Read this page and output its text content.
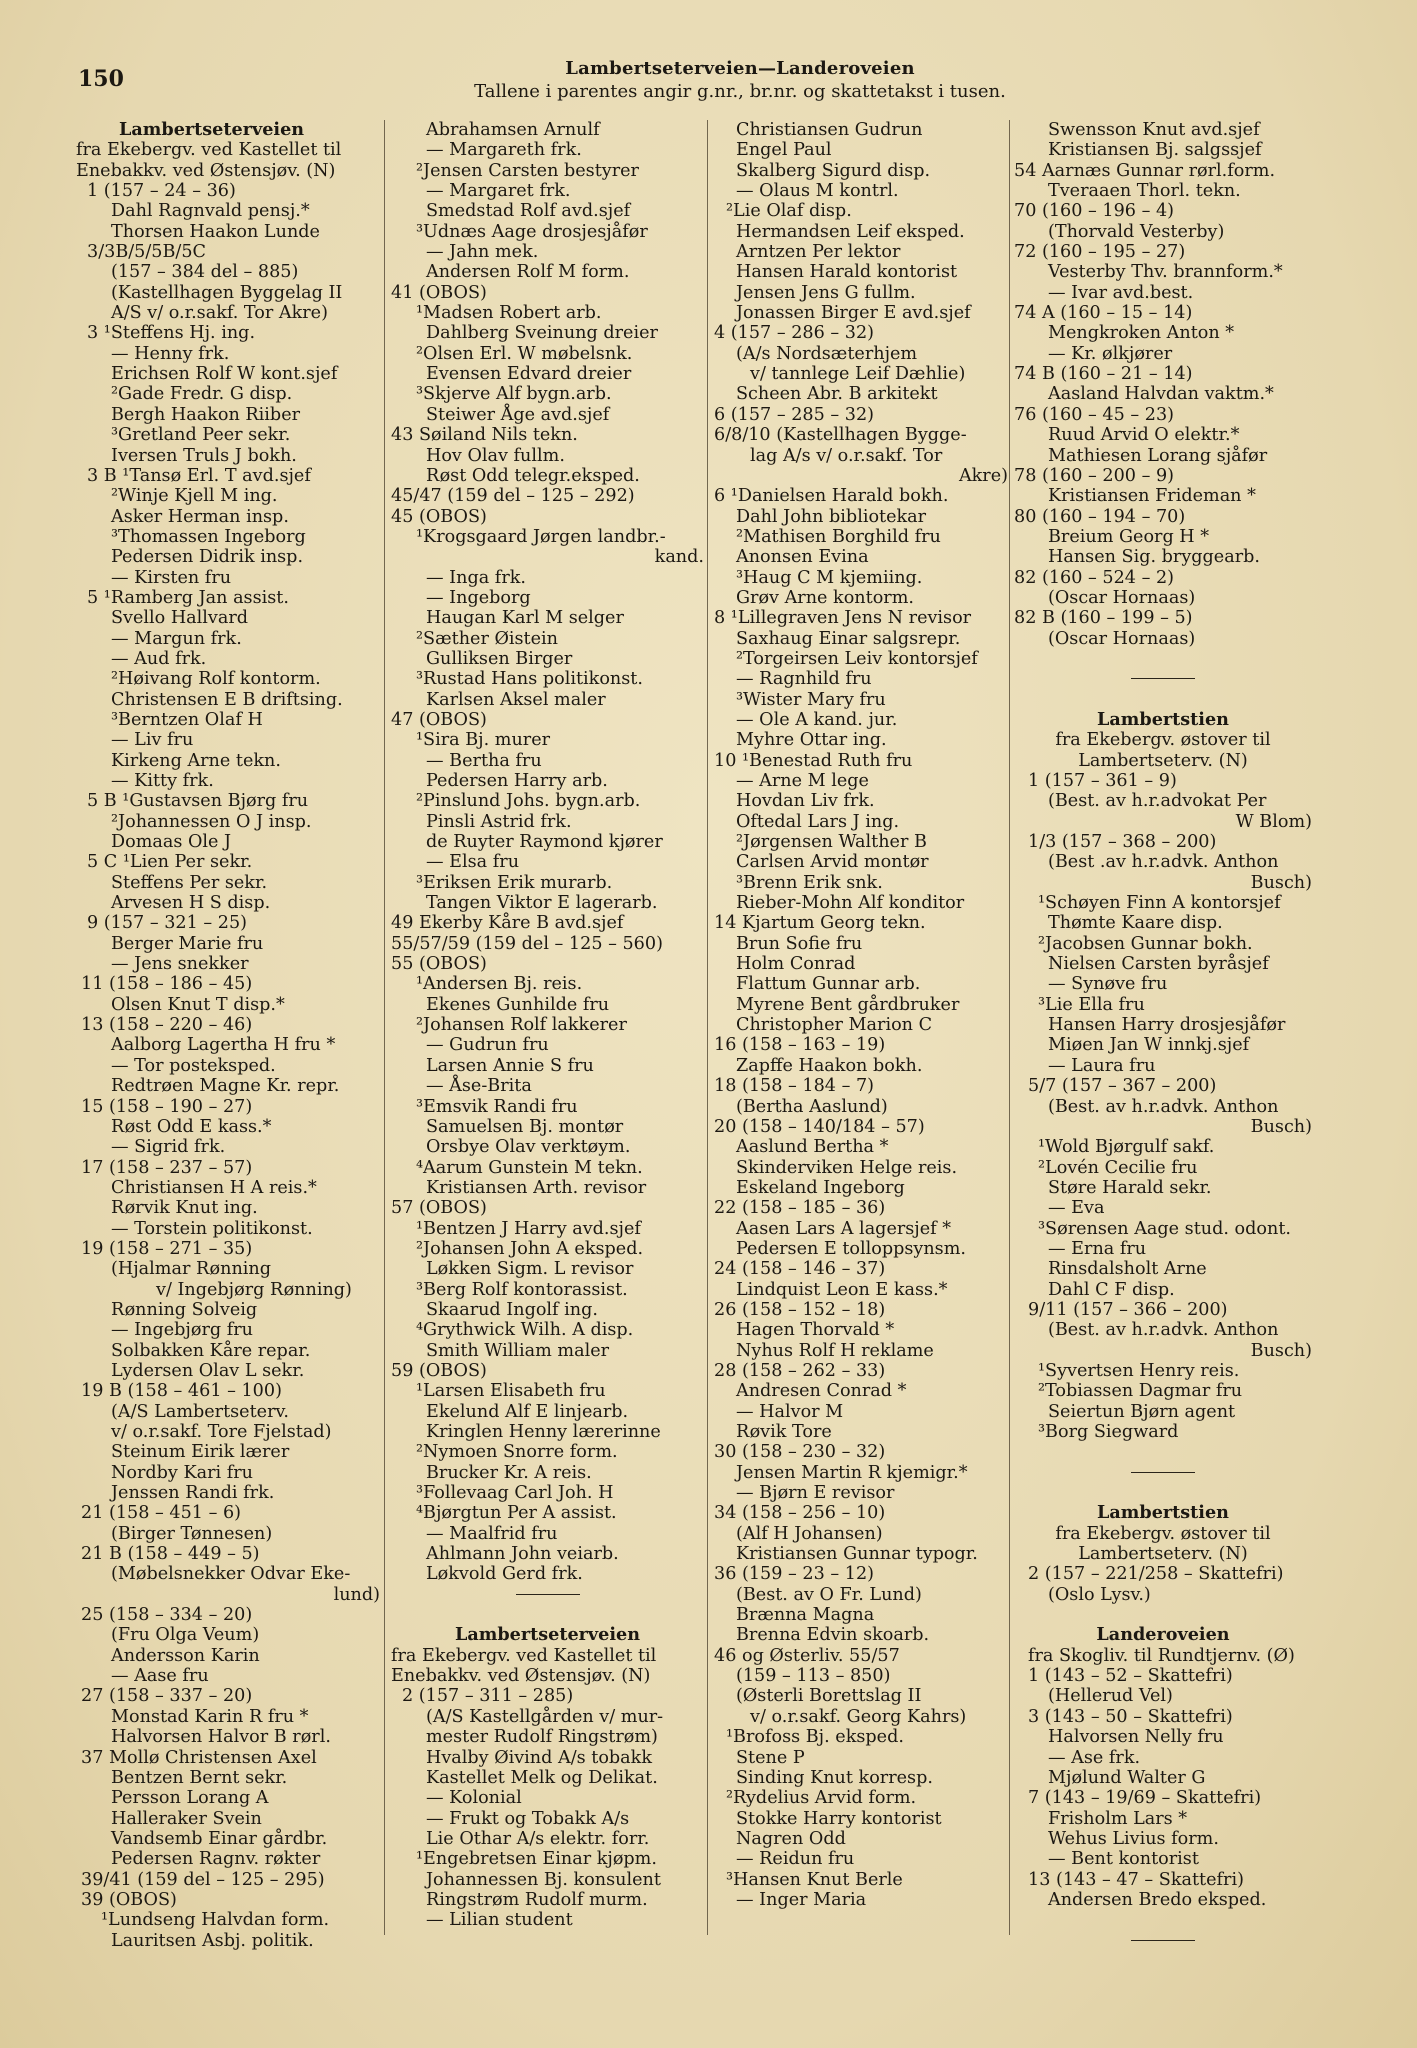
150	Lambertseterveien—Landeroveien
Tallene i parentes angir g.nr., br.nr. og skattetakst i tusen.
Lambertseterveien
fra Ekebergv. ved Kastellet til
Enebakkv. ved Østensjøv. (N)
1 (157 – 24 – 36)
Dahl Ragnvald pensj.*
Thorsen Haakon Lunde
3/3B/5/5B/5C
(157 – 384 del – 885)
(Kastellhagen Byggelag II
A/S v/ o.r.sakf. Tor Akre)
3 ¹Steffens Hj. ing.
— Henny frk.
Erichsen Rolf W kont.sjef
²Gade Fredr. G disp.
Bergh Haakon Riiber
³Gretland Peer sekr.
Iversen Truls J bokh.
3 B ¹Tansø Erl. T avd.sjef
²Winje Kjell M ing.
Asker Herman insp.
³Thomassen Ingeborg
Pedersen Didrik insp.
— Kirsten fru
5 ¹Ramberg Jan assist.
Svello Hallvard
— Margun frk.
— Aud frk.
²Høivang Rolf kontorm.
Christensen E B driftsing.
³Berntzen Olaf H
— Liv fru
Kirkeng Arne tekn.
— Kitty frk.
5 B ¹Gustavsen Bjørg fru
²Johannessen O J insp.
Domaas Ole J
5 C ¹Lien Per sekr.
Steffens Per sekr.
Arvesen H S disp.
9 (157 – 321 – 25)
Berger Marie fru
— Jens snekker
11 (158 – 186 – 45)
Olsen Knut T disp.*
13 (158 – 220 – 46)
Aalborg Lagertha H fru *
— Tor postekspеd.
Redtrøen Magne Kr. repr.
15 (158 – 190 – 27)
Røst Odd E kass.*
— Sigrid frk.
17 (158 – 237 – 57)
Christiansen H A reis.*
Rørvik Knut ing.
— Torstein politikonst.
19 (158 – 271 – 35)
(Hjalmar Rønning
v/ Ingebjørg Rønning)
Rønning Solveig
— Ingebjørg fru
Solbakken Kåre repar.
Lydersen Olav L sekr.
19 B (158 – 461 – 100)
(A/S Lambertseterv.
v/ o.r.sakf. Tore Fjelstad)
Steinum Eirik lærer
Nordby Kari fru
Jenssen Randi frk.
21 (158 – 451 – 6)
(Birger Tønnesen)
21 B (158 – 449 – 5)
(Møbelsnekker Odvar Eke-
lund)
25 (158 – 334 – 20)
(Fru Olga Veum)
Andersson Karin
— Aase fru
27 (158 – 337 – 20)
Monstad Karin R fru *
Halvorsen Halvor B rørl.
37 Mollø Christensen Axel
Bentzen Bernt sekr.
Persson Lorang A
Halleraker Svein
Vandsemb Einar gårdbr.
Pedersen Ragnv. røkter
39/41 (159 del – 125 – 295)
39 (OBOS)
¹Lundseng Halvdan form.
Lauritsen Asbj. politik.
Abrahamsen Arnulf
— Margareth frk.
²Jensen Carsten bestyrer
— Margaret frk.
Smedstad Rolf avd.sjef
³Udnæs Aage drosjesjåfør
— Jahn mek.
Andersen Rolf M form.
41 (OBOS)
¹Madsen Robert arb.
Dahlberg Sveinung dreier
²Olsen Erl. W møbelsnk.
Evensen Edvard dreier
³Skjerve Alf bygn.arb.
Steiwer Åge avd.sjef
43 Søiland Nils tekn.
Hov Olav fullm.
Røst Odd telegr.ekspеd.
45/47 (159 del – 125 – 292)
45 (OBOS)
¹Krogsgaard Jørgen landbr.-
kand.
— Inga frk.
— Ingeborg
Haugan Karl M selger
²Sæther Øistein
Gulliksen Birger
³Rustad Hans politikonst.
Karlsen Aksel maler
47 (OBOS)
¹Sira Bj. murer
— Bertha fru
Pedersen Harry arb.
²Pinslund Johs. bygn.arb.
Pinsli Astrid frk.
de Ruyter Raymond kjører
— Elsa fru
³Eriksen Erik murarb.
Tangen Viktor E lagerarb.
49 Ekerby Kåre B avd.sjef
55/57/59 (159 del – 125 – 560)
55 (OBOS)
¹Andersen Bj. reis.
Ekenes Gunhilde fru
²Johansen Rolf lakkerer
— Gudrun fru
Larsen Annie S fru
— Åse-Brita
³Emsvik Randi fru
Samuelsen Bj. montør
Orsbye Olav verktøym.
⁴Aarum Gunstein M tekn.
Kristiansen Arth. revisor
57 (OBOS)
¹Bentzen J Harry avd.sjef
²Johansen John A ekspеd.
Løkken Sigm. L revisor
³Berg Rolf kontorassist.
Skaarud Ingolf ing.
⁴Grythwick Wilh. A disp.
Smith William maler
59 (OBOS)
¹Larsen Elisabeth fru
Ekelund Alf E linjearb.
Kringlen Henny lærerinne
²Nymoen Snorre form.
Brucker Kr. A reis.
³Follevaag Carl Joh. H
⁴Bjørgtun Per A assist.
— Maalfrid fru
Ahlmann John veiarb.
Løkvold Gerd frk.
Lambertseterveien
fra Ekebergv. ved Kastellet til
Enebakkv. ved Østensjøv. (N)
2 (157 – 311 – 285)
(A/S Kastellgården v/ mur-
mester Rudolf Ringstrøm)
Hvalby Øivind A/s tobakk
Kastellet Melk og Delikat.
— Kolonial
— Frukt og Tobakk A/s
Lie Othar A/s elektr. forr.
¹Engebretsen Einar kjøpm.
Johannessen Bj. konsulent
Ringstrøm Rudolf murm.
— Lilian student
Christiansen Gudrun
Engel Paul
Skalberg Sigurd disp.
— Olaus M kontrl.
²Lie Olaf disp.
Hermandsen Leif ekspеd.
Arntzen Per lektor
Hansen Harald kontorist
Jensen Jens G fullm.
Jonassen Birger E avd.sjef
4 (157 – 286 – 32)
(A/s Nordsæterhjem
v/ tannlege Leif Dæhlie)
Scheen Abr. B arkitekt
6 (157 – 285 – 32)
6/8/10 (Kastellhagen Bygge-
lag A/s v/ o.r.sakf. Tor
Akre)
6 ¹Danielsen Harald bokh.
Dahl John bibliotekar
²Mathisen Borghild fru
Anonsen Evina
³Haug C M kjemiing.
Grøv Arne kontorm.
8 ¹Lillegraven Jens N revisor
Saxhaug Einar salgsrepr.
²Torgeirsen Leiv kontorsjef
— Ragnhild fru
³Wister Mary fru
— Ole A kand. jur.
Myhre Ottar ing.
10 ¹Benestad Ruth fru
— Arne M lege
Hovdan Liv frk.
Oftedal Lars J ing.
²Jørgensen Walther B
Carlsen Arvid montør
³Brenn Erik snk.
Rieber-Mohn Alf konditor
14 Kjartum Georg tekn.
Brun Sofie fru
Holm Conrad
Flattum Gunnar arb.
Myrene Bent gårdbruker
Christopher Marion C
16 (158 – 163 – 19)
Zapffe Haakon bokh.
18 (158 – 184 – 7)
(Bertha Aaslund)
20 (158 – 140/184 – 57)
Aaslund Bertha *
Skinderviken Helge reis.
Eskeland Ingeborg
22 (158 – 185 – 36)
Aasen Lars A lagersjef *
Pedersen E tolloppsynsm.
24 (158 – 146 – 37)
Lindquist Leon E kass.*
26 (158 – 152 – 18)
Hagen Thorvald *
Nyhus Rolf H reklame
28 (158 – 262 – 33)
Andresen Conrad *
— Halvor M
Røvik Tore
30 (158 – 230 – 32)
Jensen Martin R kjemigr.*
— Bjørn E revisor
34 (158 – 256 – 10)
(Alf H Johansen)
Kristiansen Gunnar typogr.
36 (159 – 23 – 12)
(Best. av O Fr. Lund)
Brænna Magna
Brenna Edvin skoarb.
46 og Østerliv. 55/57
(159 – 113 – 850)
(Østerli Borettslag II
v/ o.r.sakf. Georg Kahrs)
¹Brofoss Bj. ekspеd.
Stene P
Sinding Knut korresp.
²Rydelius Arvid form.
Stokke Harry kontorist
Nagren Odd
— Reidun fru
³Hansen Knut Berle
— Inger Maria
Swensson Knut avd.sjef
Kristiansen Bj. salgssjef
54 Aarnæs Gunnar rørl.form.
Tveraaen Thorl. tekn.
70 (160 – 196 – 4)
(Thorvald Vesterby)
72 (160 – 195 – 27)
Vesterby Thv. brannform.*
— Ivar avd.best.
74 A (160 – 15 – 14)
Mengkroken Anton *
— Kr. ølkjører
74 B (160 – 21 – 14)
Aasland Halvdan vaktm.*
76 (160 – 45 – 23)
Ruud Arvid O elektr.*
Mathiesen Lorang sjåfør
78 (160 – 200 – 9)
Kristiansen Frideman *
80 (160 – 194 – 70)
Breium Georg H *
Hansen Sig. bryggearb.
82 (160 – 524 – 2)
(Oscar Hornaas)
82 B (160 – 199 – 5)
(Oscar Hornaas)
Lambertstien
fra Ekebergv. østover til
Lambertseterv. (N)
1 (157 – 361 – 9)
(Best. av h.r.advokat Per
W Blom)
1/3 (157 – 368 – 200)
(Best .av h.r.advk. Anthon
Busch)
¹Schøyen Finn A kontorsjef
Thømte Kaare disp.
²Jacobsen Gunnar bokh.
Nielsen Carsten byråsjef
— Synøve fru
³Lie Ella fru
Hansen Harry drosjesjåfør
Miøen Jan W innkj.sjef
— Laura fru
5/7 (157 – 367 – 200)
(Best. av h.r.advk. Anthon
Busch)
¹Wold Bjørgulf sakf.
²Lovén Cecilie fru
Støre Harald sekr.
— Eva
³Sørensen Aage stud. odont.
— Erna fru
Rinsdalsholt Arne
Dahl C F disp.
9/11 (157 – 366 – 200)
(Best. av h.r.advk. Anthon
Busch)
¹Syvertsen Henry reis.
²Tobiassen Dagmar fru
Seiertun Bjørn agent
³Borg Siegward
Lambertstien
fra Ekebergv. østover til
Lambertseterv. (N)
2 (157 – 221/258 – Skattefri)
(Oslo Lysv.)
Landeroveien
fra Skogliv. til Rundtjernv. (Ø)
1 (143 – 52 – Skattefri)
(Hellerud Vel)
3 (143 – 50 – Skattefri)
Halvorsen Nelly fru
— Ase frk.
Mjølund Walter G
7 (143 – 19/69 – Skattefri)
Frisholm Lars *
Wehus Livius form.
— Bent kontorist
13 (143 – 47 – Skattefri)
Andersen Bredo ekspеd.
